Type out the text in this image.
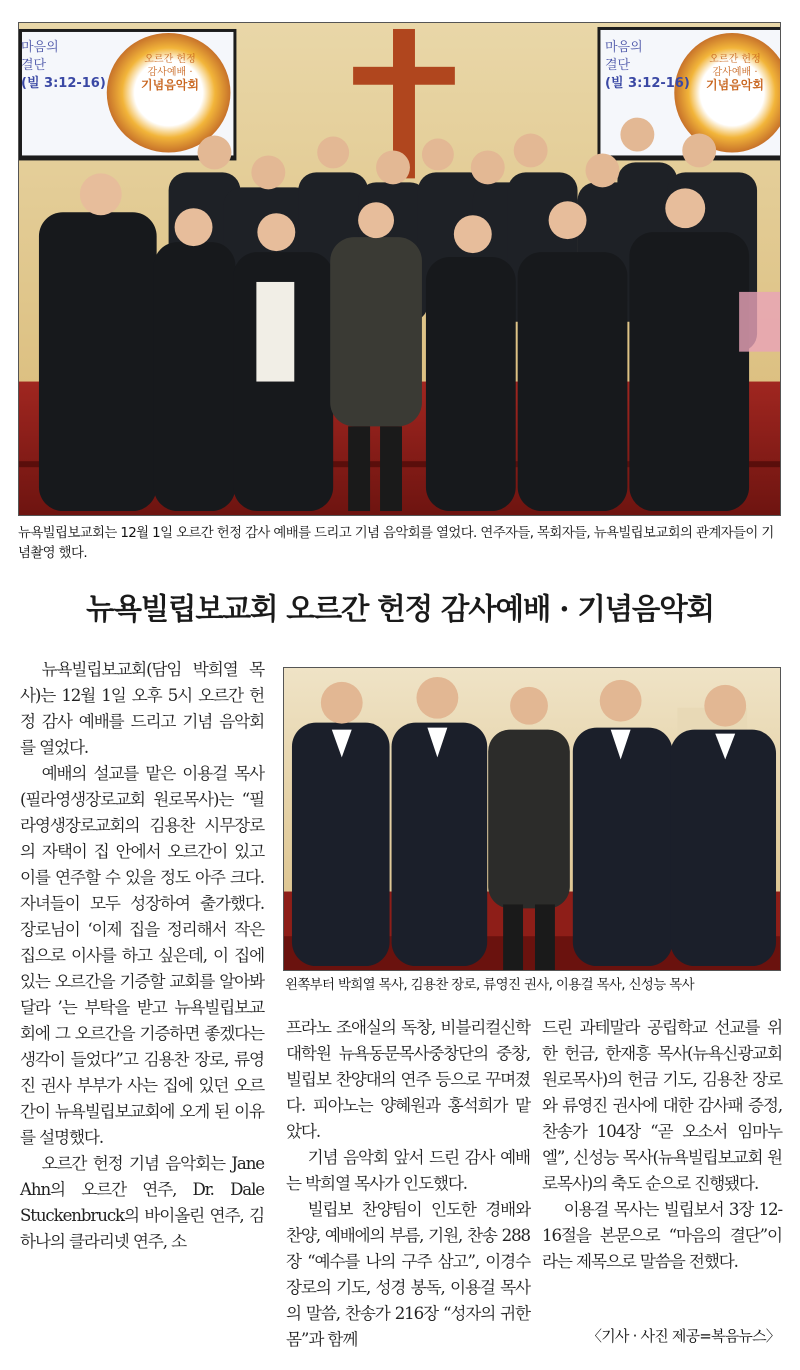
마음의
결단
(빌 3:12-16)
오르간 헌정
감사예배 ·
기념음악회
마음의
결단
(빌 3:12-16)
오르간 헌정
감사예배 ·
기념음악회
뉴욕빌립보교회는 12월 1일 오르간 헌정 감사 예배를 드리고 기념 음악회를 열었다. 연주자들, 목회자들, 뉴욕빌립보교회의 관계자들이 기념촬영 했다.
뉴욕빌립보교회 오르간 헌정 감사예배 · 기념음악회
왼쪽부터 박희열 목사, 김용찬 장로, 류영진 권사, 이용걸 목사, 신성능 목사

뉴욕빌립보교회(담임 박희열 목사)는 12월 1일 오후 5시 오르간 헌정 감사 예배를 드리고 기념 음악회를 열었다.

예배의 설교를 맡은 이용걸 목사(필라영생장로교회 원로목사)는 “필라영생장로교회의 김용찬 시무장로의 자택이 집 안에서 오르간이 있고 이를 연주할 수 있을 정도 아주 크다. 자녀들이 모두 성장하여 출가했다. 장로님이 ‘이제 집을 정리해서 작은 집으로 이사를 하고 싶은데, 이 집에 있는 오르간을 기증할 교회를 알아봐달라 ’는 부탁을 받고 뉴욕빌립보교회에 그 오르간을 기증하면 좋겠다는 생각이 들었다”고 김용찬 장로, 류영진 권사 부부가 사는 집에 있던 오르간이 뉴욕빌립보교회에 오게 된 이유를 설명했다.

오르간 헌정 기념 음악회는 Jane Ahn의 오르간 연주, Dr. Dale Stuckenbruck의 바이올린 연주, 김하나의 클라리넷 연주, 소

프라노 조애실의 독창, 비블리컬신학대학원 뉴욕동문목사중창단의 중창, 빌립보 찬양대의 연주 등으로 꾸며졌다. 피아노는 양혜원과 홍석희가 맡았다.

기념 음악회 앞서 드린 감사 예배는 박희열 목사가 인도했다.

빌립보 찬양팀이 인도한 경배와 찬양, 예배에의 부름, 기원, 찬송 288장 “예수를 나의 구주 삼고”, 이경수 장로의 기도, 성경 봉독, 이용걸 목사의 말씀, 찬송가 216장 “성자의 귀한 몸”과 함께

드린 과테말라 공립학교 선교를 위한 헌금, 한재흥 목사(뉴욕신광교회 원로목사)의 헌금 기도, 김용찬 장로와 류영진 권사에 대한 감사패 증정, 찬송가 104장 “곧 오소서 임마누엘”, 신성능 목사(뉴욕빌립보교회 원로목사)의 축도 순으로 진행됐다.

이용걸 목사는 빌립보서 3장 12-16절을 본문으로 “마음의 결단”이라는 제목으로 말씀을 전했다.

〈기사 · 사진 제공=복음뉴스〉
